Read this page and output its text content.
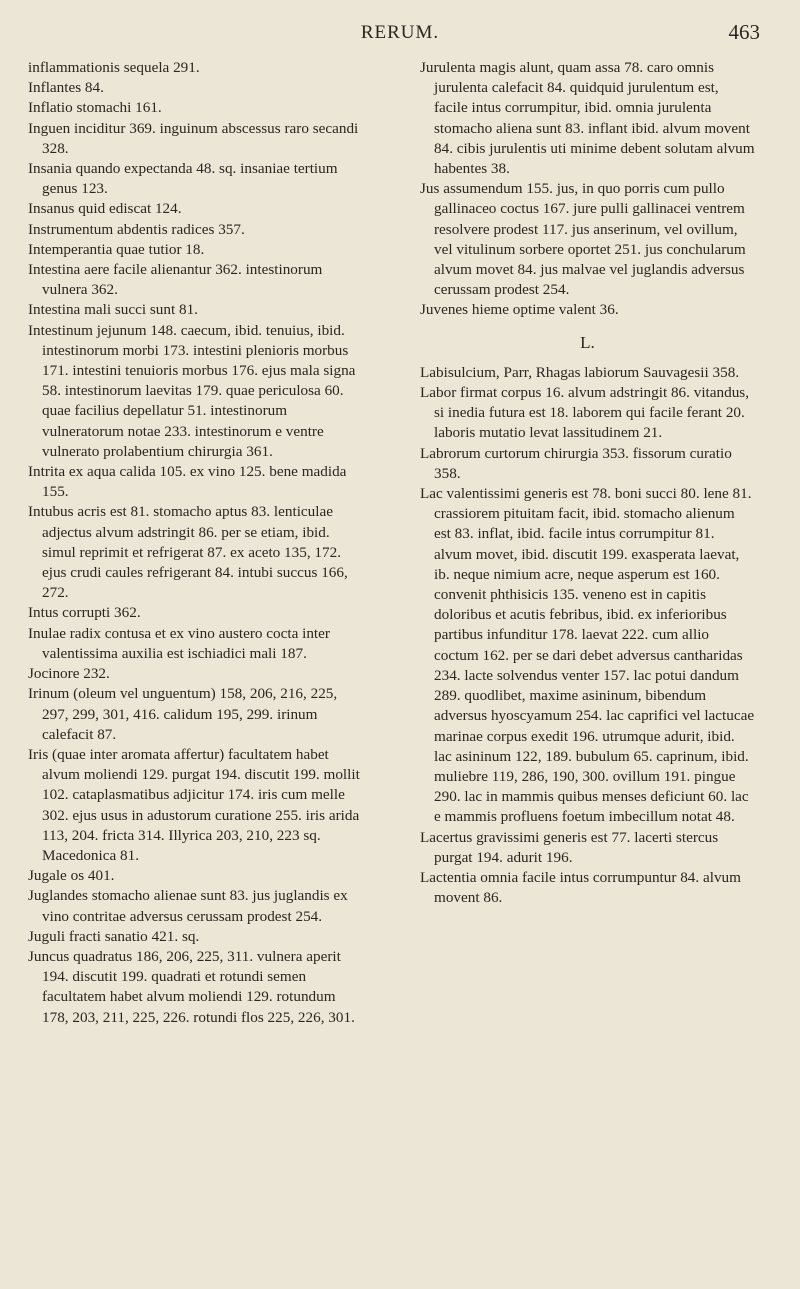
RERUM.	463

inflammationis sequela 291.

Inflantes 84.

Inflatio stomachi 161.

Inguen inciditur 369. inguinum abscessus raro secandi 328.

Insania quando expectanda 48. sq. insaniae tertium genus 123.

Insanus quid ediscat 124.

Instrumentum abdentis radices 357.

Intemperantia quae tutior 18.

Intestina aere facile alienantur 362. intestinorum vulnera 362.

Intestina mali succi sunt 81.

Intestinum jejunum 148. caecum, ibid. tenuius, ibid. intestinorum morbi 173. intestini plenioris morbus 171. intestini tenuioris morbus 176. ejus mala signa 58. intestinorum laevitas 179. quae periculosa 60. quae facilius depellatur 51. intestinorum vulneratorum notae 233. intestinorum e ventre vulnerato prolabentium chirurgia 361.

Intrita ex aqua calida 105. ex vino 125. bene madida 155.

Intubus acris est 81. stomacho aptus 83. lenticulae adjectus alvum adstringit 86. per se etiam, ibid. simul reprimit et refrigerat 87. ex aceto 135, 172. ejus crudi caules refrigerant 84. intubi succus 166, 272.

Intus corrupti 362.

Inulae radix contusa et ex vino austero cocta inter valentissima auxilia est ischiadici mali 187.

Jocinore 232.

Irinum (oleum vel unguentum) 158, 206, 216, 225, 297, 299, 301, 416. calidum 195, 299. irinum calefacit 87.

Iris (quae inter aromata affertur) facultatem habet alvum moliendi 129. purgat 194. discutit 199. mollit 102. cataplasmatibus adjicitur 174. iris cum melle 302. ejus usus in adustorum curatione 255. iris arida 113, 204. fricta 314. Illyrica 203, 210, 223 sq. Macedonica 81.

Jugale os 401.

Juglandes stomacho alienae sunt 83. jus juglandis ex vino contritae adversus cerussam prodest 254.

Juguli fracti sanatio 421. sq.

Juncus quadratus 186, 206, 225, 311. vulnera aperit 194. discutit 199. quadrati et rotundi semen facultatem habet alvum moliendi 129. rotundum 178, 203, 211, 225, 226. rotundi flos 225, 226, 301.

Jurulenta magis alunt, quam assa 78. caro omnis jurulenta calefacit 84. quidquid jurulentum est, facile intus corrumpitur, ibid. omnia jurulenta stomacho aliena sunt 83. inflant ibid. alvum movent 84. cibis jurulentis uti minime debent solutam alvum habentes 38.

Jus assumendum 155. jus, in quo porris cum pullo gallinaceo coctus 167. jure pulli gallinacei ventrem resolvere prodest 117. jus anserinum, vel ovillum, vel vitulinum sorbere oportet 251. jus conchularum alvum movet 84. jus malvae vel juglandis adversus cerussam prodest 254.

Juvenes hieme optime valent 36.

L.

Labisulcium, Parr, Rhagas labiorum Sauvagesii 358.

Labor firmat corpus 16. alvum adstringit 86. vitandus, si inedia futura est 18. laborem qui facile ferant 20. laboris mutatio levat lassitudinem 21.

Labrorum curtorum chirurgia 353. fissorum curatio 358.

Lac valentissimi generis est 78. boni succi 80. lene 81. crassiorem pituitam facit, ibid. stomacho alienum est 83. inflat, ibid. facile intus corrumpitur 81. alvum movet, ibid. discutit 199. exasperata laevat, ib. neque nimium acre, neque asperum est 160. convenit phthisicis 135. veneno est in capitis doloribus et acutis febribus, ibid. ex inferioribus partibus infunditur 178. laevat 222. cum allio coctum 162. per se dari debet adversus cantharidas 234. lacte solvendus venter 157. lac potui dandum 289. quodlibet, maxime asininum, bibendum adversus hyoscyamum 254. lac caprifici vel lactucae marinae corpus exedit 196. utrumque adurit, ibid. lac asininum 122, 189. bubulum 65. caprinum, ibid. muliebre 119, 286, 190, 300. ovillum 191. pingue 290. lac in mammis quibus menses deficiunt 60. lac e mammis profluens foetum imbecillum notat 48.

Lacertus gravissimi generis est 77. lacerti stercus purgat 194. adurit 196.

Lactentia omnia facile intus corrumpuntur 84. alvum movent 86.
